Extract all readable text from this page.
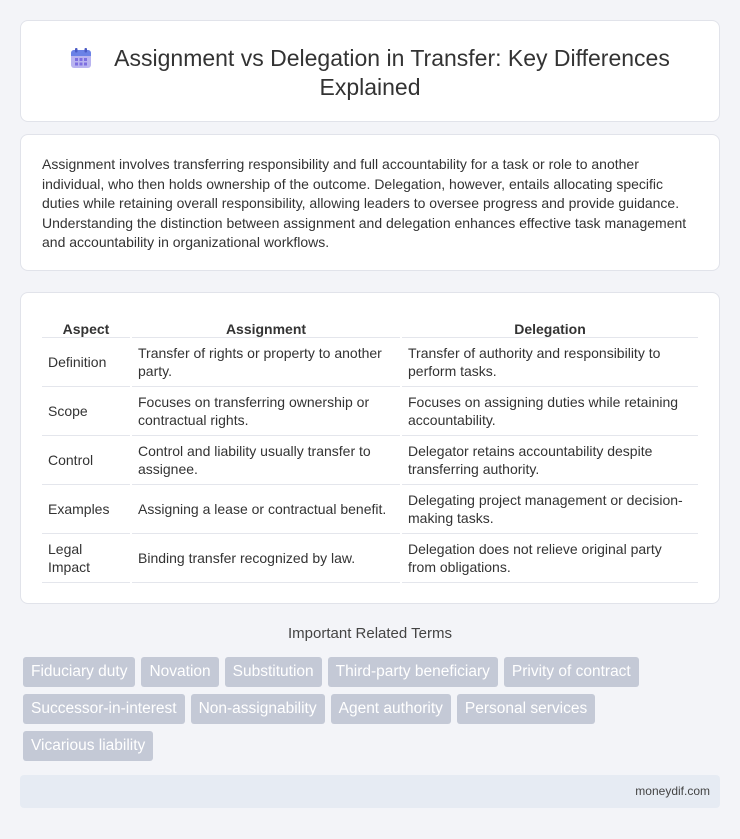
Assignment vs Delegation in Transfer: Key Differences Explained

Assignment involves transferring responsibility and full accountability for a task or role to another individual, who then holds ownership of the outcome. Delegation, however, entails allocating specific duties while retaining overall responsibility, allowing leaders to oversee progress and provide guidance. Understanding the distinction between assignment and delegation enhances effective task management and accountability in organizational workflows.

Aspect	Assignment	Delegation
Definition	Transfer of rights or property to another party.	Transfer of authority and responsibility to perform tasks.
Scope	Focuses on transferring ownership or contractual rights.	Focuses on assigning duties while retaining accountability.
Control	Control and liability usually transfer to assignee.	Delegator retains accountability despite transferring authority.
Examples	Assigning a lease or contractual benefit.	Delegating project management or decision-making tasks.
Legal Impact	Binding transfer recognized by law.	Delegation does not relieve original party from obligations.
Important Related Terms
Fiduciary duty	Novation	Substitution	Third-party beneficiary	Privity of contract
Successor-in-interest	Non-assignability	Agent authority	Personal services
Vicarious liability
moneydif.com
